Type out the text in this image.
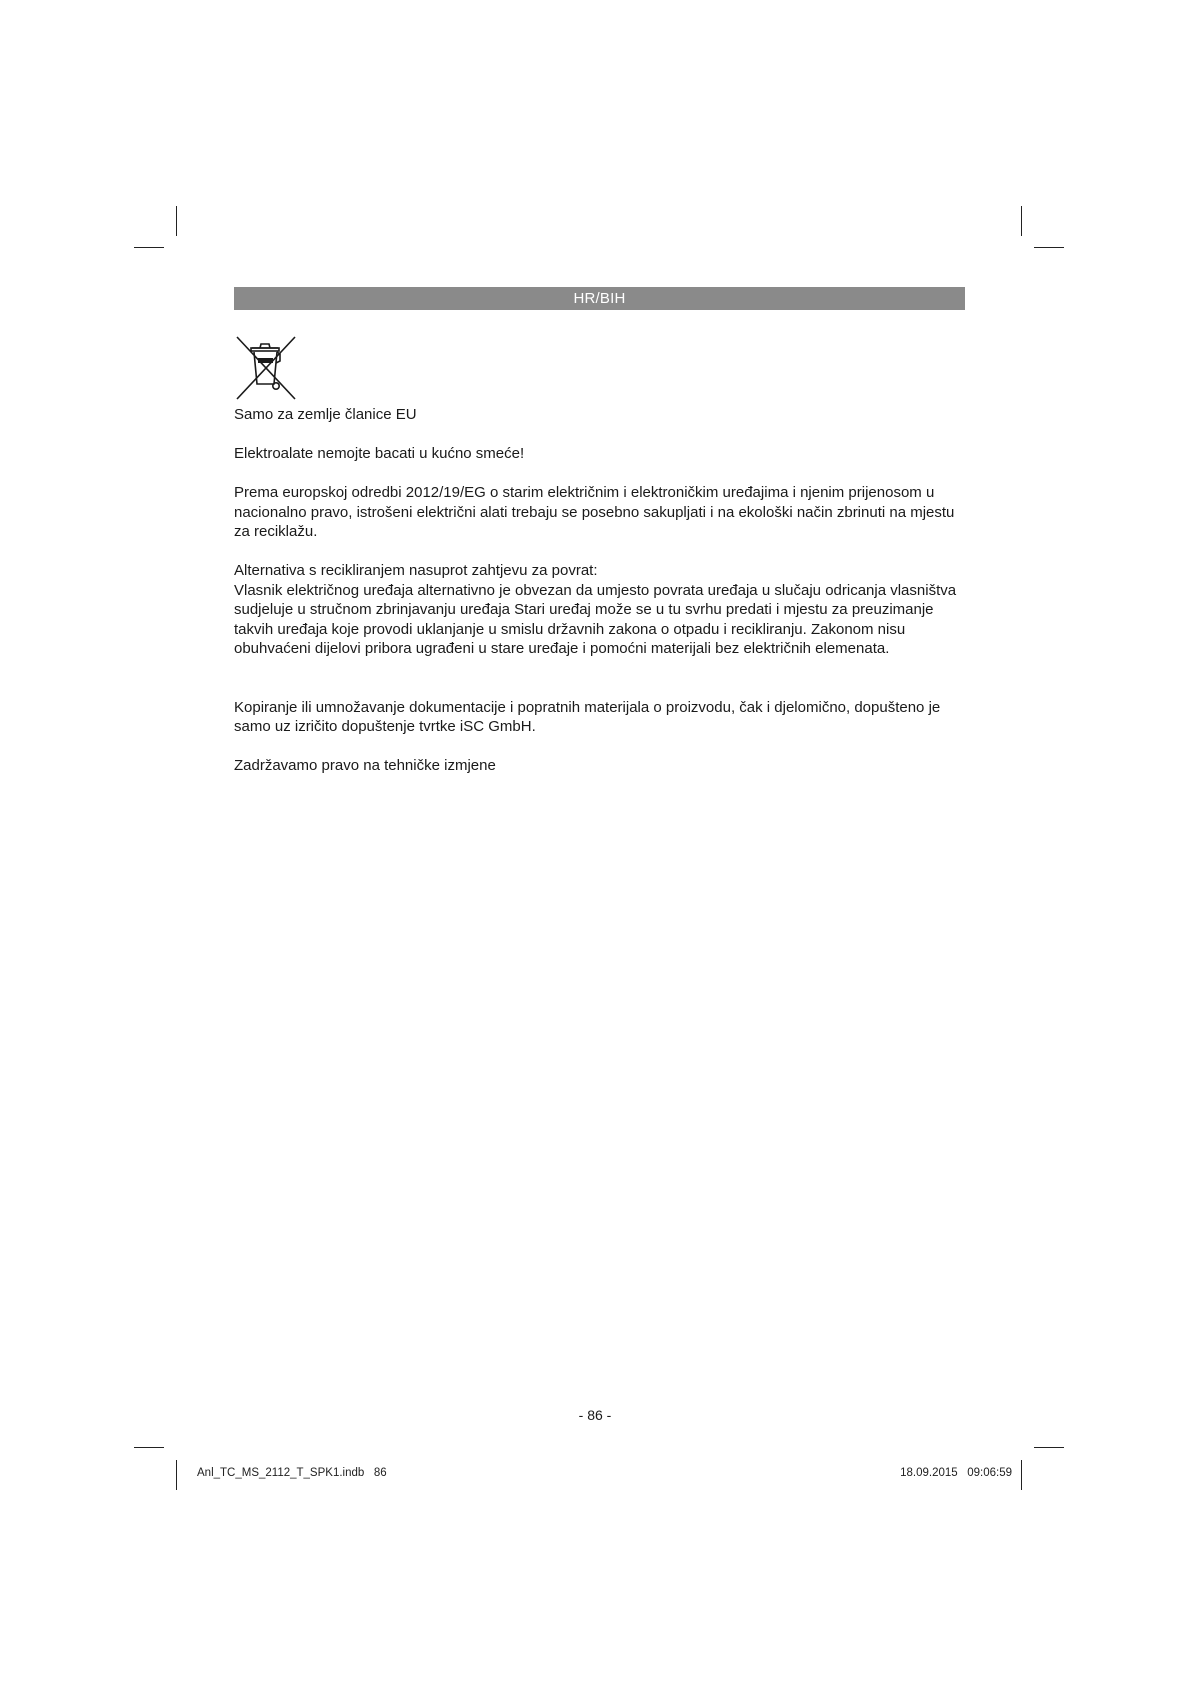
HR/BIH

Samo za zemlje članice EU

Elektroalate nemojte bacati u kućno smeće!

Prema europskoj odredbi 2012/19/EG o starim električnim i elektroničkim uređajima i njenim prijenosom u nacionalno pravo, istrošeni električni alati trebaju se posebno sakupljati i na ekološki način zbrinuti na mjestu za reciklažu.

Alternativa s recikliranjem nasuprot zahtjevu za povrat:

Vlasnik električnog uređaja alternativno je obvezan da umjesto povrata uređaja u slučaju odricanja vlasništva sudjeluje u stručnom zbrinjavanju uređaja Stari uređaj može se u tu svrhu predati i mjestu za preuzimanje takvih uređaja koje provodi uklanjanje u smislu državnih zakona o otpadu i recikliranju. Zakonom nisu obuhvaćeni dijelovi pribora ugrađeni u stare uređaje i pomoćni materijali bez električnih elemenata.

Kopiranje ili umnožavanje dokumentacije i popratnih materijala o proizvodu, čak i djelomično, dopušteno je samo uz izričito dopuštenje tvrtke iSC GmbH.

Zadržavamo pravo na tehničke izmjene

- 86 -
Anl_TC_MS_2112_T_SPK1.indb   86	18.09.2015   09:06:59
